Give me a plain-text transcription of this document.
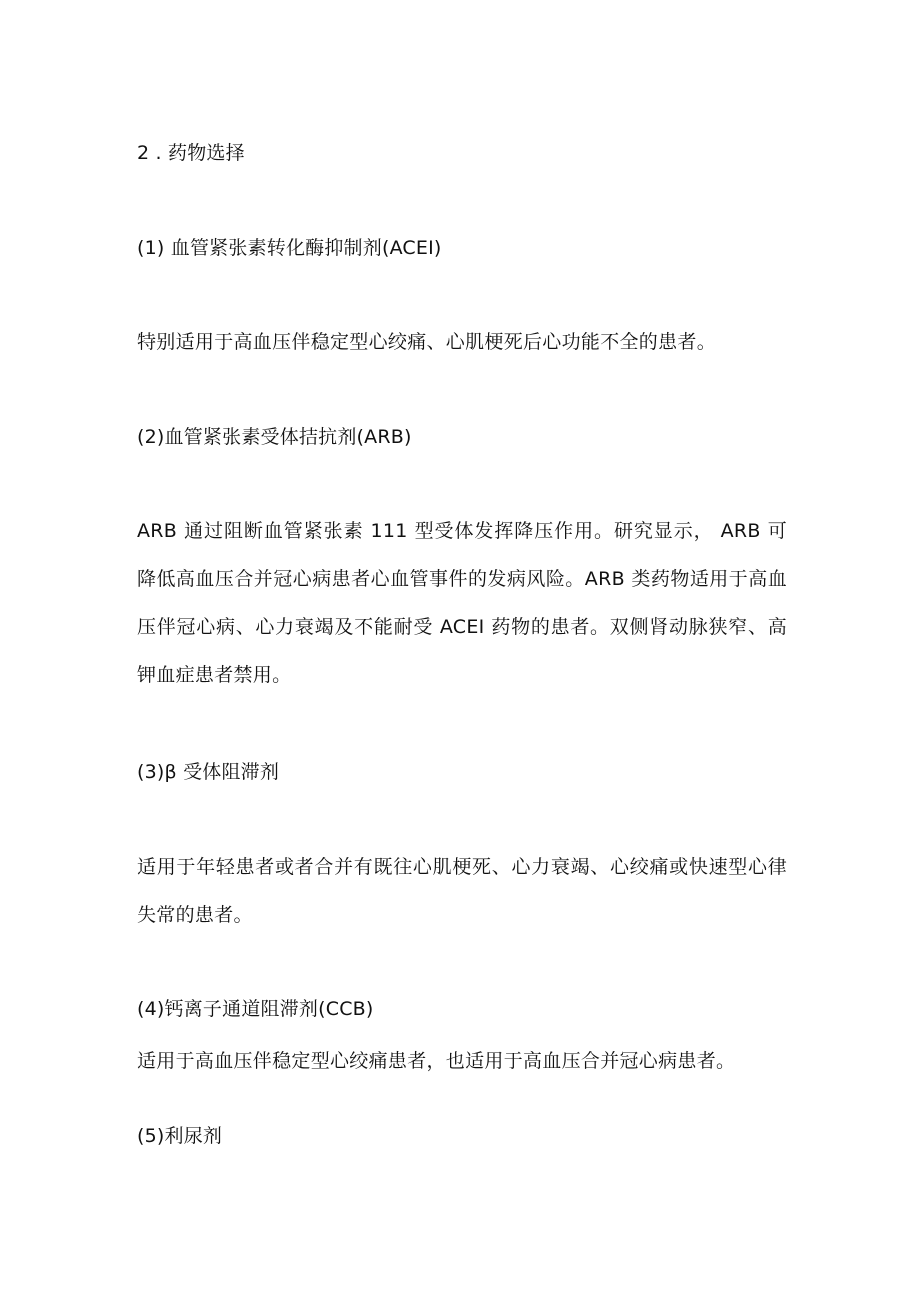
2 . 药物选择
(1) 血管紧张素转化酶抑制剂(ACEI)
特别适用于高血压伴稳定型心绞痛、心肌梗死后心功能不全的患者。
(2)血管紧张素受体拮抗剂(ARB)
ARB 通过阻断血管紧张素 111 型受体发挥降压作用。研究显示， ARB 可降低高血压合并冠心病患者心血管事件的发病风险。ARB 类药物适用于高血压伴冠心病、心力衰竭及不能耐受 ACEI 药物的患者。双侧肾动脉狭窄、高钾血症患者禁用。
(3)β 受体阻滞剂
适用于年轻患者或者合并有既往心肌梗死、心力衰竭、心绞痛或快速型心律失常的患者。
(4)钙离子通道阻滞剂(CCB)
适用于高血压伴稳定型心绞痛患者，也适用于高血压合并冠心病患者。
(5)利尿剂
